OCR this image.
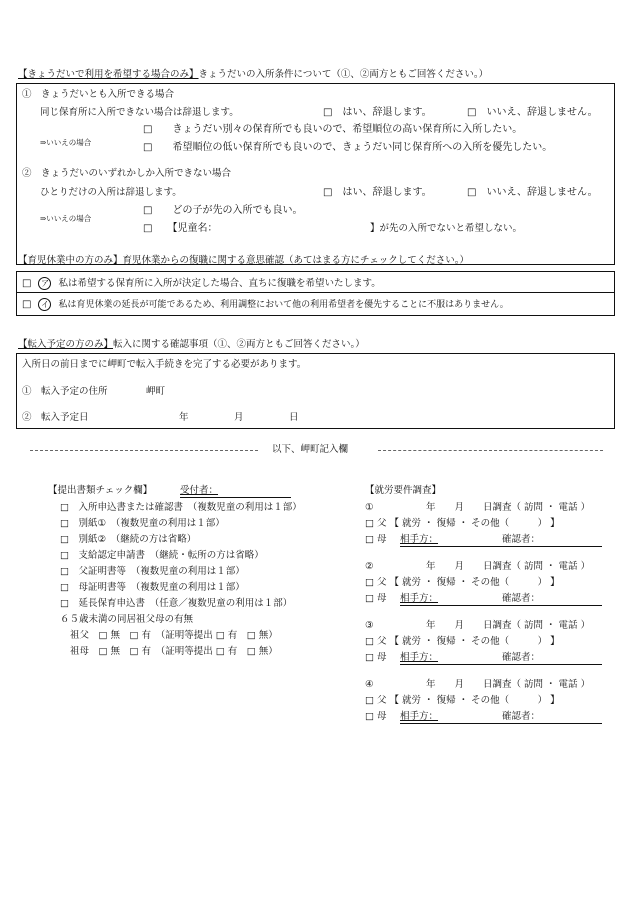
【きょうだいで利用を希望する場合のみ】きょうだいの入所条件について（①、②両方ともご回答ください。）
①　きょうだいとも入所できる場合
同じ保育所に入所できない場合は辞退します。	□　はい、辞退します。	□　いいえ、辞退しません。
⇒いいえの場合
□　　きょうだい別々の保育所でも良いので、希望順位の高い保育所に入所したい。
□　　希望順位の低い保育所でも良いので、きょうだい同じ保育所への入所を優先したい。
②　きょうだいのいずれかしか入所できない場合
ひとりだけの入所は辞退します。	□　はい、辞退します。	□　いいえ、辞退しません。
⇒いいえの場合
□　　どの子が先の入所でも良い。
□　　【児童名：	】が先の入所でないと希望しない。
【育児休業中の方のみ】育児休業からの復職に関する意思確認（あてはまる方にチェックしてください。）
□ ア 私は希望する保育所に入所が決定した場合、直ちに復職を希望いたします。
□ イ 私は育児休業の延長が可能であるため、利用調整において他の利用希望者を優先することに不服はありません。
【転入予定の方のみ】転入に関する確認事項（①、②両方ともご回答ください。）
入所日の前日までに岬町で転入手続きを完了する必要があります。
①　転入予定の住所	岬町
②　転入予定日	年	月	日
以下、岬町記入欄
【提出書類チェック欄】	受付者：
□　入所申込書または確認書　（複数児童の利用は１部）
□　別紙①　（複数児童の利用は１部）
□　別紙②　（継続の方は省略）
□　支給認定申請書　（継続・転所の方は省略）
□　父証明書等　（複数児童の利用は１部）
□　母証明書等　（複数児童の利用は１部）
□　延長保育申込書　（任意／複数児童の利用は１部）
６５歳未満の同居祖父母の有無
祖父　□ 無　□ 有　（証明等提出 □ 有　□ 無）
祖母　□ 無　□ 有　（証明等提出 □ 有　□ 無）
【就労要件調査】
①	年　　月　　日調査（ 訪問 ・ 電話 ）
□ 父 【 就労 ・ 復帰 ・ その他（　　　） 】
□ 母 相手方：	確認者：
②	年　　月　　日調査（ 訪問 ・ 電話 ）
□ 父 【 就労 ・ 復帰 ・ その他（　　　） 】
□ 母 相手方：	確認者：
③	年　　月　　日調査（ 訪問 ・ 電話 ）
□ 父 【 就労 ・ 復帰 ・ その他（　　　） 】
□ 母 相手方：	確認者：
④	年　　月　　日調査（ 訪問 ・ 電話 ）
□ 父 【 就労 ・ 復帰 ・ その他（　　　） 】
□ 母 相手方：	確認者：
